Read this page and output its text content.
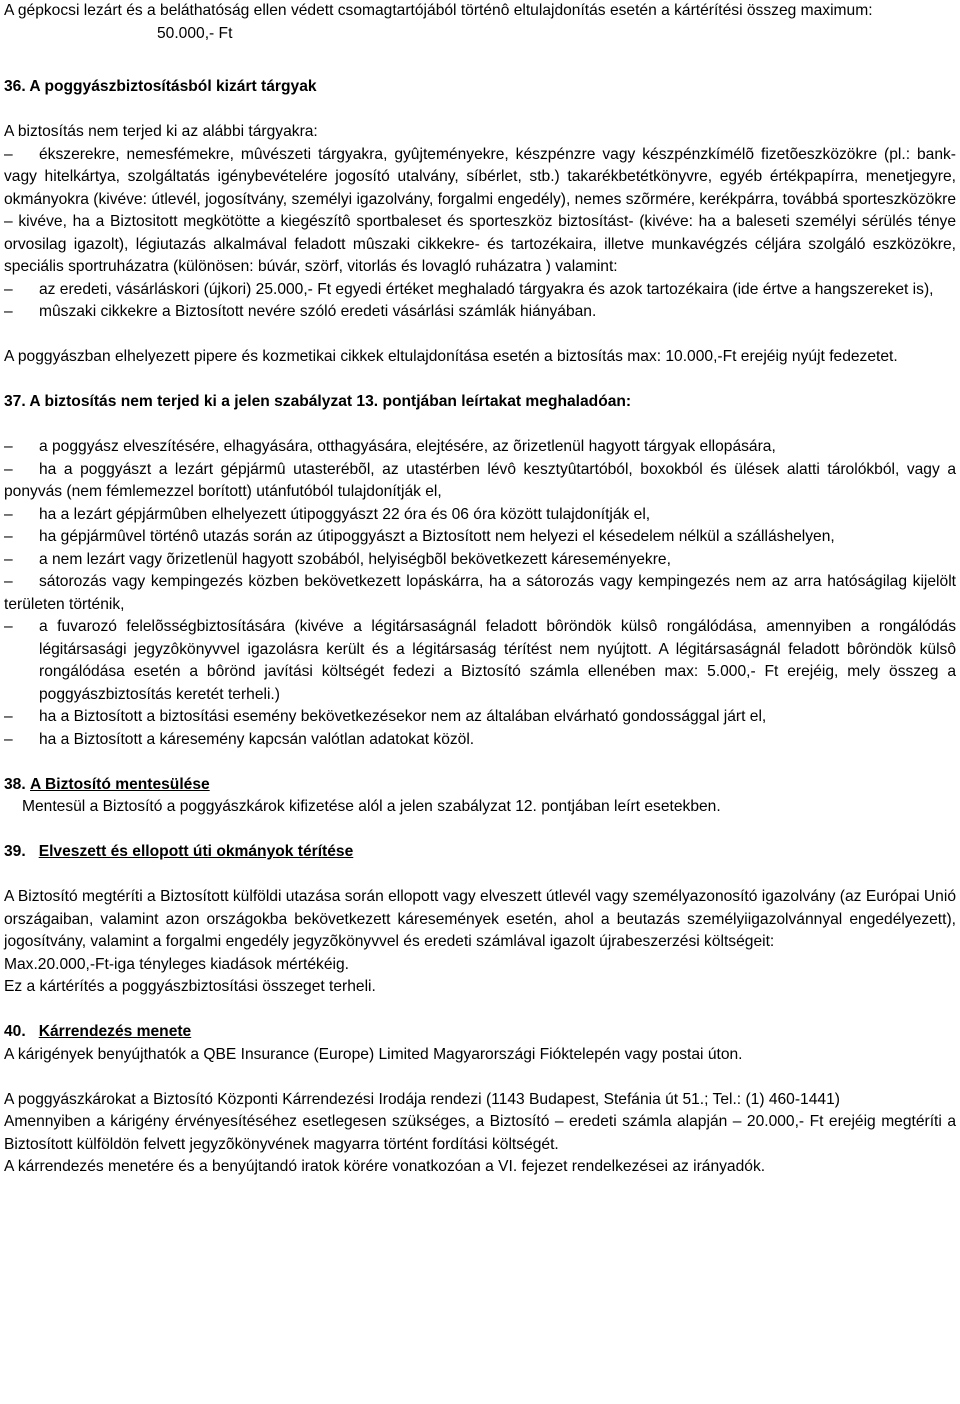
A gépkocsi lezárt és a beláthatóság ellen védett csomagtartójából történô eltulajdonítás esetén a kártérítési összeg maximum:

50.000,- Ft

36. A poggyászbiztosításból kizárt tárgyak

A biztosítás nem terjed ki az alábbi tárgyakra:

– ékszerekre, nemesfémekre, mûvészeti tárgyakra, gyûjteményekre, készpénzre vagy készpénzkímélõ fizetõeszközökre (pl.: bank- vagy hitelkártya, szolgáltatás igénybevételére jogosító utalvány, síbérlet, stb.) takarékbetétkönyvre, egyéb értékpapírra, menetjegyre, okmányokra (kivéve: útlevél, jogosítvány, személyi igazolvány, forgalmi engedély), nemes szõrmére, kerékpárra, továbbá sporteszközökre – kivéve, ha a Biztositott megkötötte a kiegészítô sportbaleset és sporteszköz biztosítást- (kivéve: ha a baleseti személyi sérülés ténye orvosilag igazolt), légiutazás alkalmával feladott mûszaki cikkekre- és tartozékaira, illetve munkavégzés céljára szolgáló eszközökre, speciális sportruházatra (különösen: búvár, szörf, vitorlás és lovagló ruházatra ) valamint:

– az eredeti, vásárláskori (újkori) 25.000,- Ft egyedi értéket meghaladó tárgyakra és azok tartozékaira (ide értve a hangszereket is),

– mûszaki cikkekre a Biztosított nevére szóló eredeti vásárlási számlák hiányában.

A poggyászban elhelyezett pipere és kozmetikai cikkek eltulajdonítása esetén a biztosítás max: 10.000,-Ft erejéig nyújt fedezetet.

37. A biztosítás nem terjed ki a jelen szabályzat 13. pontjában leírtakat meghaladóan:

– a poggyász elveszítésére, elhagyására, otthagyására, elejtésére, az õrizetlenül hagyott tárgyak ellopására,

– ha a poggyászt a lezárt gépjármû utasterébõl, az utastérben lévô kesztyûtartóból, boxokból és ülések alatti tárolókból, vagy a ponyvás (nem fémlemezzel borított) utánfutóból tulajdonítják el,

– ha a lezárt gépjármûben elhelyezett útipoggyászt 22 óra és 06 óra között tulajdonítják el,

– ha gépjármûvel történô utazás során az útipoggyászt a Biztosított nem helyezi el késedelem nélkül a szálláshelyen,

– a nem lezárt vagy õrizetlenül hagyott szobából, helyiségbõl bekövetkezett káreseményekre,

– sátorozás vagy kempingezés közben bekövetkezett lopáskárra, ha a sátorozás vagy kempingezés nem az arra hatóságilag kijelölt területen történik,

– a fuvarozó felelõsségbiztosítására (kivéve a légitársaságnál feladott bôröndök külsô rongálódása, amennyiben a rongálódás légitársasági jegyzôkönyvvel igazolásra került és a légitársaság térítést nem nyújtott. A légitársaságnál feladott bôröndök külsô rongálódása esetén a bôrönd javítási költségét fedezi a Biztosító számla ellenében max: 5.000,- Ft erejéig, mely összeg a poggyászbiztosítás keretét terheli.)

– ha a Biztosított a biztosítási esemény bekövetkezésekor nem az általában elvárható gondossággal járt el,

– ha a Biztosított a káresemény kapcsán valótlan adatokat közöl.

38. A Biztosító mentesülése

Mentesül a Biztosító a poggyászkárok kifizetése alól a jelen szabályzat 12. pontjában leírt esetekben.

39. Elveszett és ellopott úti okmányok térítése

A Biztosító megtéríti a Biztosított külföldi utazása során ellopott vagy elveszett útlevél vagy személyazonosító igazolvány (az Európai Unió országaiban, valamint azon országokba bekövetkezett káresemények esetén, ahol a beutazás személyiigazolvánnyal engedélyezett), jogosítvány, valamint a forgalmi engedély jegyzõkönyvvel és eredeti számlával igazolt újrabeszerzési költségeit:

Max.20.000,-Ft-iga tényleges kiadások mértékéig.

Ez a kártérítés a poggyászbiztosítási összeget terheli.

40. Kárrendezés menete

A kárigények benyújthatók a QBE Insurance (Europe) Limited Magyarországi Fióktelepén vagy postai úton.

A poggyászkárokat a Biztosító Központi Kárrendezési Irodája rendezi (1143 Budapest, Stefánia út 51.; Tel.: (1) 460-1441)

Amennyiben a kárigény érvényesítéséhez esetlegesen szükséges, a Biztosító – eredeti számla alapján – 20.000,- Ft erejéig megtéríti a Biztosított külföldön felvett jegyzõkönyvének magyarra történt fordítási költségét.

A kárrendezés menetére és a benyújtandó iratok körére vonatkozóan a VI. fejezet rendelkezései az irányadók.
